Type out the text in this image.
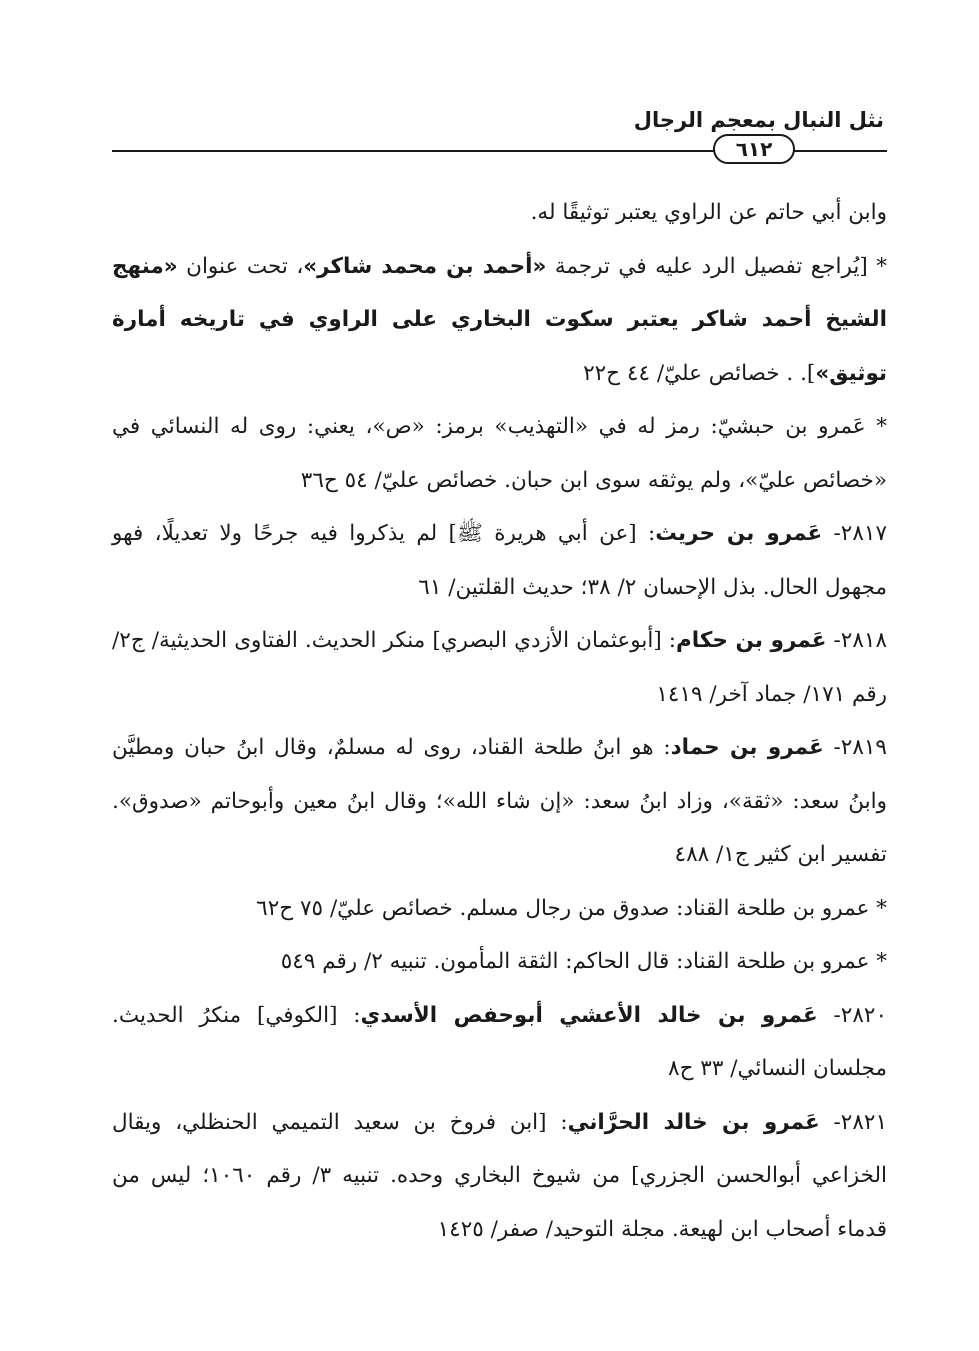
نثل النبال بمعجم الرجال
٦١٢

وابن أبي حاتم عن الراوي يعتبر توثيقًا له.

* [يُراجع تفصيل الرد عليه في ترجمة «أحمد بن محمد شاكر»، تحت عنوان «منهج الشيخ أحمد شاكر يعتبر سكوت البخاري على الراوي في تاريخه أمارة توثيق»]. . خصائص عليّ/ ٤٤ ح٢٢

* عَمرو بن حبشيّ: رمز له في «التهذيب» برمز: «ص»، يعني: روى له النسائي في «خصائص عليّ»، ولم يوثقه سوى ابن حبان. خصائص عليّ/ ٥٤ ح٣٦

٢٨١٧- عَمرو بن حريث: [عن أبي هريرة ﷺ] لم يذكروا فيه جرحًا ولا تعديلًا، فهو مجهول الحال. بذل الإحسان ٢/ ٣٨؛ حديث القلتين/ ٦١

٢٨١٨- عَمرو بن حكام: [أبوعثمان الأزدي البصري] منكر الحديث. الفتاوى الحديثية/ ج٢/ رقم ١٧١/ جماد آخر/ ١٤١٩

٢٨١٩- عَمرو بن حماد: هو ابنُ طلحة القناد، روى له مسلمٌ، وقال ابنُ حبان ومطيَّن وابنُ سعد: «ثقة»، وزاد ابنُ سعد: «إن شاء الله»؛ وقال ابنُ معين وأبوحاتم «صدوق». تفسير ابن كثير ج١/ ٤٨٨

* عمرو بن طلحة القناد: صدوق من رجال مسلم. خصائص عليّ/ ٧٥ ح٦٢

* عمرو بن طلحة القناد: قال الحاكم: الثقة المأمون. تنبيه ٢/ رقم ٥٤٩

٢٨٢٠- عَمرو بن خالد الأعشي أبوحفص الأسدي: [الكوفي] منكرُ الحديث. مجلسان النسائي/ ٣٣ ح٨

٢٨٢١- عَمرو بن خالد الحرَّاني: [ابن فروخ بن سعيد التميمي الحنظلي، ويقال الخزاعي أبوالحسن الجزري] من شيوخ البخاري وحده. تنبيه ٣/ رقم ١٠٦٠؛ ليس من قدماء أصحاب ابن لهيعة. مجلة التوحيد/ صفر/ ١٤٢٥
